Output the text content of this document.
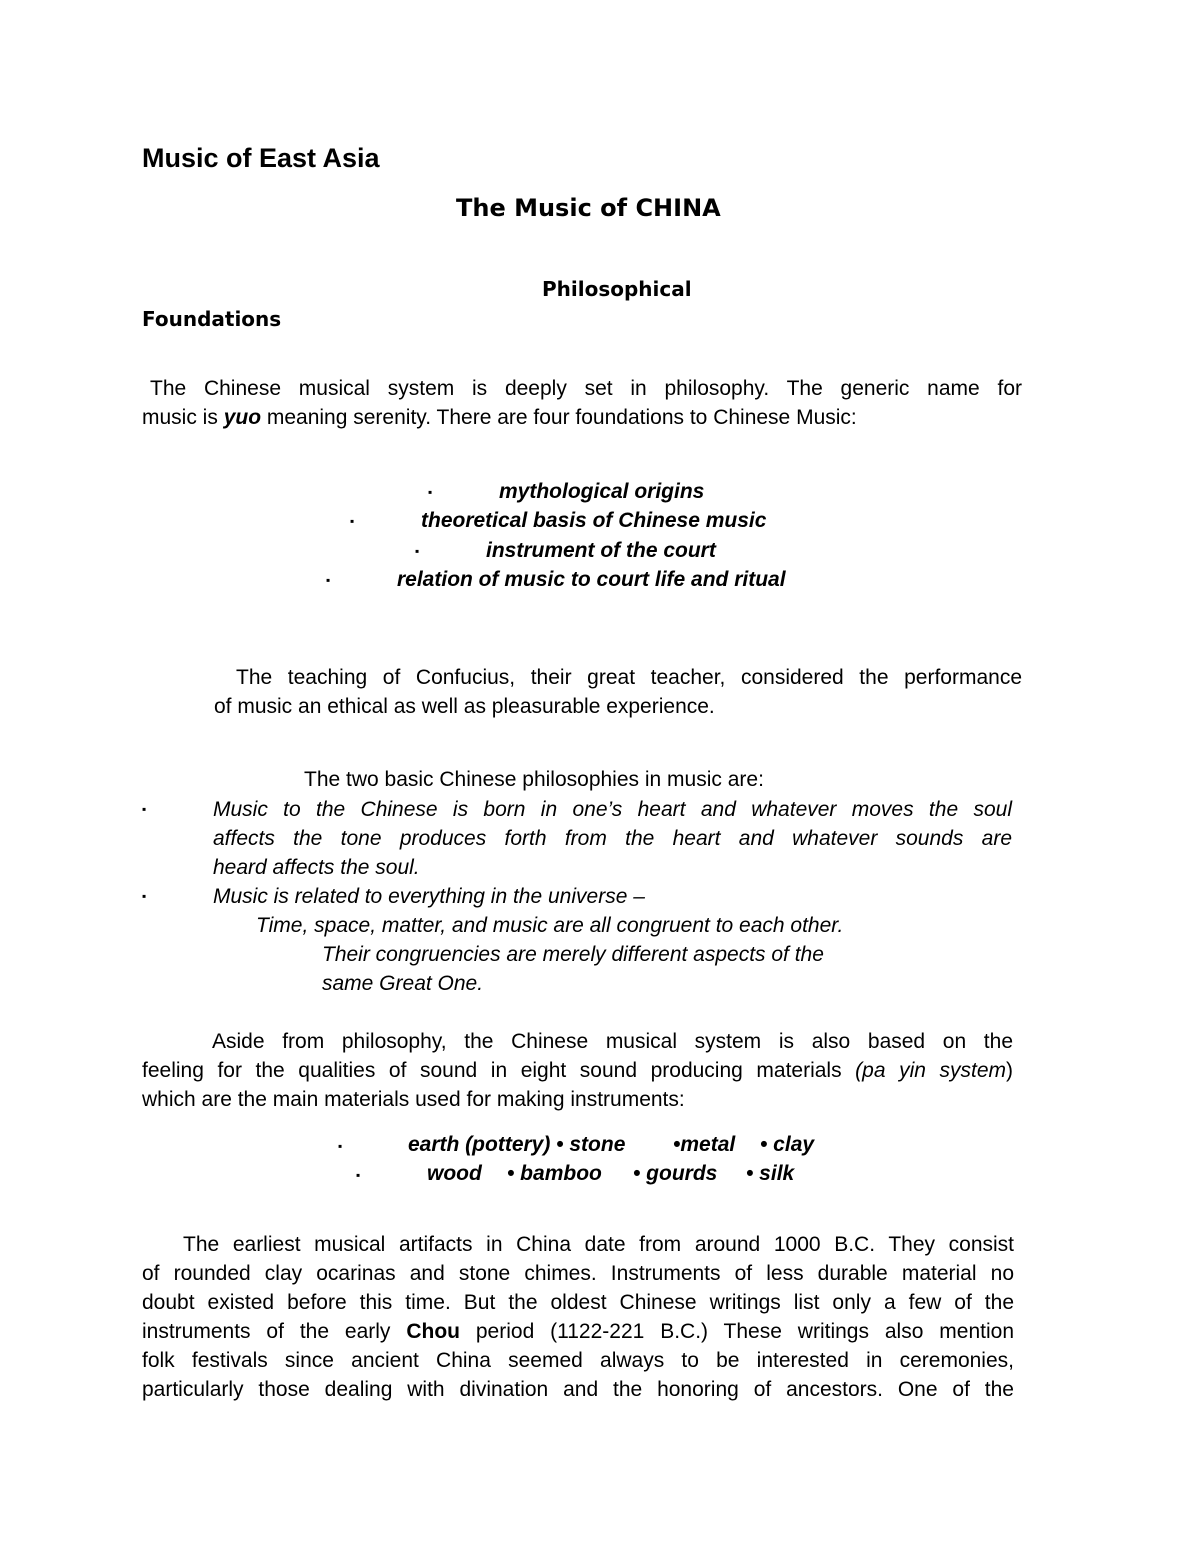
Music of East Asia
The Music of CHINA
Philosophical
Foundations
The Chinese musical system is deeply set in philosophy. The generic name for
music is yuo meaning serenity. There are four foundations to Chinese Music:
▪	mythological origins
▪	theoretical basis of Chinese music
▪	instrument of the court
▪	relation of music to court life and ritual
The teaching of Confucius, their great teacher, considered the performance
of music an ethical as well as pleasurable experience.
The two basic Chinese philosophies in music are:
▪	Music to the Chinese is born in one’s heart and whatever moves the soul
affects the tone produces forth from the heart and whatever sounds are
heard affects the soul.
▪	Music is related to everything in the universe –
Time, space, matter, and music are all congruent to each other.
Their congruencies are merely different aspects of the
same Great One.
Aside from philosophy, the Chinese musical system is also based on the
feeling for the qualities of sound in eight sound producing materials (pa yin system)
which are the main materials used for making instruments:
▪	earth (pottery) • stone •metal • clay
▪	wood • bamboo • gourds • silk
The earliest musical artifacts in China date from around 1000 B.C. They consist
of rounded clay ocarinas and stone chimes. Instruments of less durable material no
doubt existed before this time. But the oldest Chinese writings list only a few of the
instruments of the early Chou period (1122-221 B.C.) These writings also mention
folk festivals since ancient China seemed always to be interested in ceremonies,
particularly those dealing with divination and the honoring of ancestors. One of the
